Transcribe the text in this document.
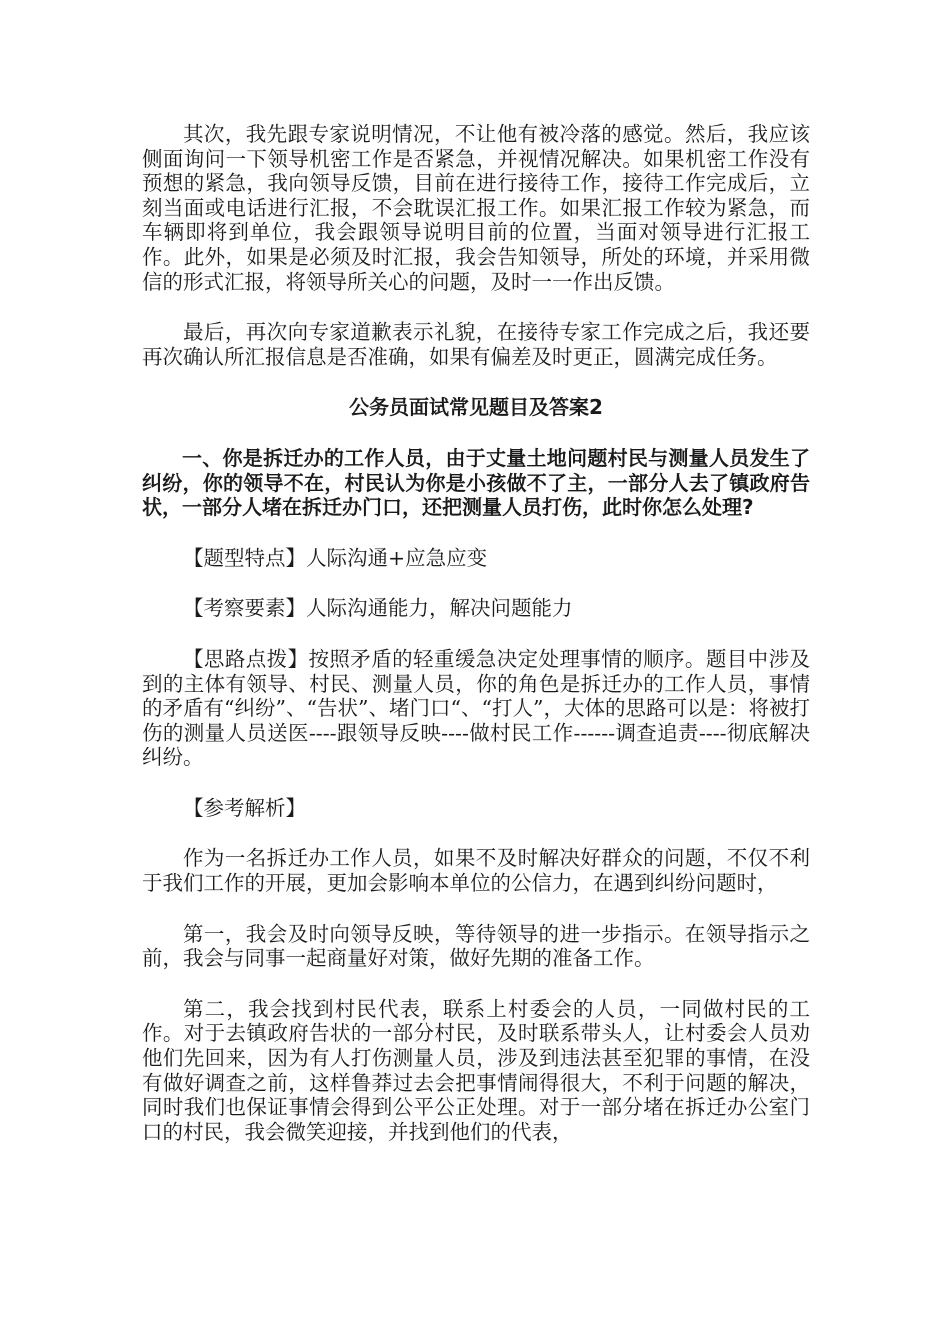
其次，我先跟专家说明情况，不让他有被冷落的感觉。然后，我应该侧面询问一下领导机密工作是否紧急，并视情况解决。如果机密工作没有预想的紧急，我向领导反馈，目前在进行接待工作，接待工作完成后，立刻当面或电话进行汇报，不会耽误汇报工作。如果汇报工作较为紧急，而车辆即将到单位，我会跟领导说明目前的位置，当面对领导进行汇报工作。此外，如果是必须及时汇报，我会告知领导，所处的环境，并采用微信的形式汇报，将领导所关心的问题，及时一一作出反馈。

最后，再次向专家道歉表示礼貌，在接待专家工作完成之后，我还要再次确认所汇报信息是否准确，如果有偏差及时更正，圆满完成任务。

公务员面试常见题目及答案2

一、你是拆迁办的工作人员，由于丈量土地问题村民与测量人员发生了纠纷，你的领导不在，村民认为你是小孩做不了主，一部分人去了镇政府告状，一部分人堵在拆迁办门口，还把测量人员打伤，此时你怎么处理?

【题型特点】人际沟通+应急应变

【考察要素】人际沟通能力，解决问题能力

【思路点拨】按照矛盾的轻重缓急决定处理事情的顺序。题目中涉及到的主体有领导、村民、测量人员，你的角色是拆迁办的工作人员，事情的矛盾有“纠纷”、“告状”、堵门口“、“打人”，大体的思路可以是：将被打伤的测量人员送医----跟领导反映----做村民工作------调查追责----彻底解决纠纷。

【参考解析】

作为一名拆迁办工作人员，如果不及时解决好群众的问题，不仅不利于我们工作的开展，更加会影响本单位的公信力，在遇到纠纷问题时，

第一，我会及时向领导反映，等待领导的进一步指示。在领导指示之前，我会与同事一起商量好对策，做好先期的准备工作。

第二，我会找到村民代表，联系上村委会的人员，一同做村民的工作。对于去镇政府告状的一部分村民，及时联系带头人，让村委会人员劝他们先回来，因为有人打伤测量人员，涉及到违法甚至犯罪的事情，在没有做好调查之前，这样鲁莽过去会把事情闹得很大，不利于问题的解决，同时我们也保证事情会得到公平公正处理。对于一部分堵在拆迁办公室门口的村民，我会微笑迎接，并找到他们的代表，
